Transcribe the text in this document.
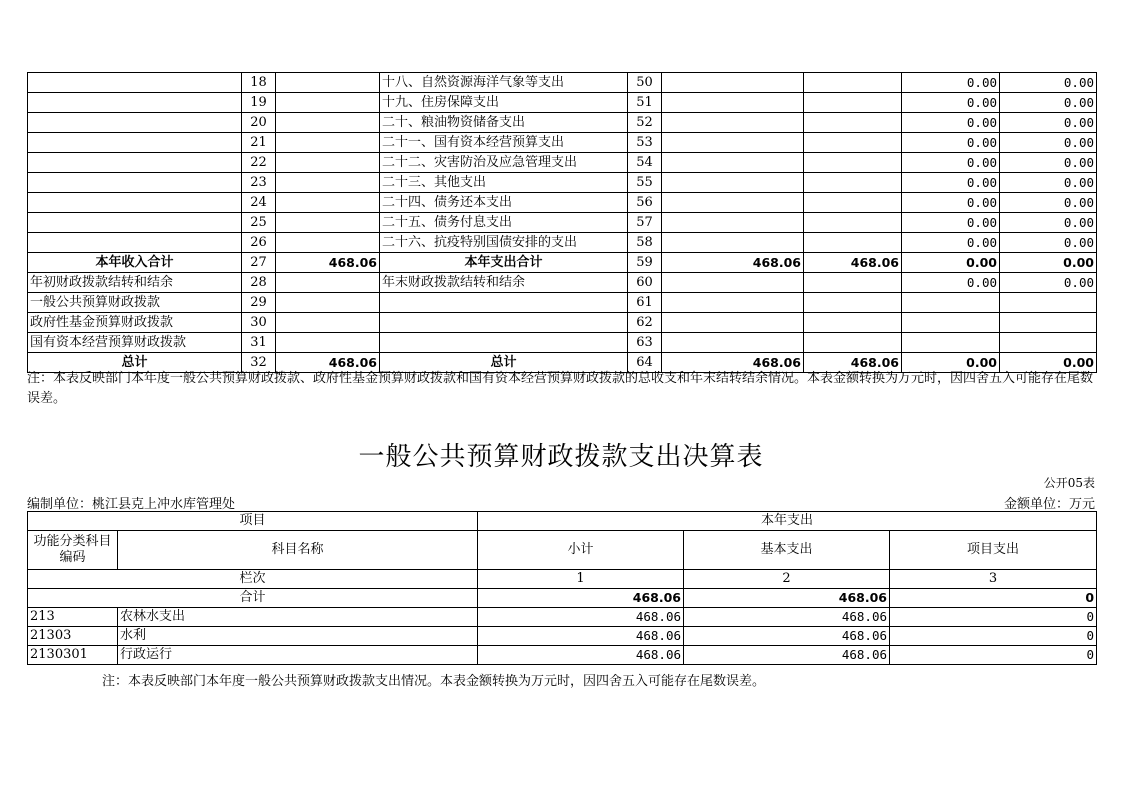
	18		十八、自然资源海洋气象等支出	50			0.00	0.00
	19		十九、住房保障支出	51			0.00	0.00
	20		二十、粮油物资储备支出	52			0.00	0.00
	21		二十一、国有资本经营预算支出	53			0.00	0.00
	22		二十二、灾害防治及应急管理支出	54			0.00	0.00
	23		二十三、其他支出	55			0.00	0.00
	24		二十四、债务还本支出	56			0.00	0.00
	25		二十五、债务付息支出	57			0.00	0.00
	26		二十六、抗疫特别国债安排的支出	58			0.00	0.00
本年收入合计	27	468.06	本年支出合计	59	468.06	468.06	0.00	0.00
年初财政拨款结转和结余	28		年末财政拨款结转和结余	60			0.00	0.00
一般公共预算财政拨款	29			61				
政府性基金预算财政拨款	30			62				
国有资本经营预算财政拨款	31			63				
总计	32	468.06	总计	64	468.06	468.06	0.00	0.00
注：本表反映部门本年度一般公共预算财政拨款、政府性基金预算财政拨款和国有资本经营预算财政拨款的总收支和年末结转结余情况。本表金额转换为万元时，因四舍五入可能存在尾数误差。
一般公共预算财政拨款支出决算表
公开05表
编制单位：桃江县克上冲水库管理处	金额单位：万元
项目		本年支出		
功能分类科目编码	科目名称	小计	基本支出	项目支出
栏次		1	2	3
合计		468.06	468.06	0
213	农林水支出	468.06	468.06	0
21303	水利	468.06	468.06	0
2130301	行政运行	468.06	468.06	0
注：本表反映部门本年度一般公共预算财政拨款支出情况。本表金额转换为万元时，因四舍五入可能存在尾数误差。
